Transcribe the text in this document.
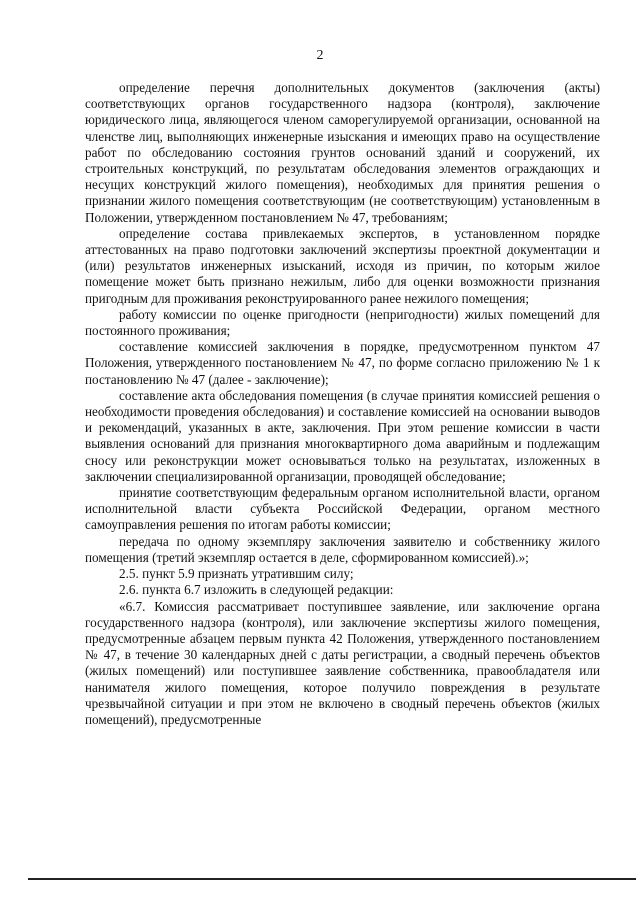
2

определение перечня дополнительных документов (заключения (акты) соответствующих органов государственного надзора (контроля), заключение юридического лица, являющегося членом саморегулируемой организации, основанной на членстве лиц, выполняющих инженерные изыскания и имеющих право на осуществление работ по обследованию состояния грунтов оснований зданий и сооружений, их строительных конструкций, по результатам обследования элементов ограждающих и несущих конструкций жилого помещения), необходимых для принятия решения о признании жилого помещения соответствующим (не соответствующим) установленным в Положении, утвержденном постановлением № 47, требованиям;

определение состава привлекаемых экспертов, в установленном порядке аттестованных на право подготовки заключений экспертизы проектной документации и (или) результатов инженерных изысканий, исходя из причин, по которым жилое помещение может быть признано нежилым, либо для оценки возможности признания пригодным для проживания реконструированного ранее нежилого помещения;

работу комиссии по оценке пригодности (непригодности) жилых помещений для постоянного проживания;

составление комиссией заключения в порядке, предусмотренном пунктом 47 Положения, утвержденного постановлением № 47, по форме согласно приложению № 1 к постановлению № 47 (далее - заключение);

составление акта обследования помещения (в случае принятия комиссией решения о необходимости проведения обследования) и составление комиссией на основании выводов и рекомендаций, указанных в акте, заключения. При этом решение комиссии в части выявления оснований для признания многоквартирного дома аварийным и подлежащим сносу или реконструкции может основываться только на результатах, изложенных в заключении специализированной организации, проводящей обследование;

принятие соответствующим федеральным органом исполнительной власти, органом исполнительной власти субъекта Российской Федерации, органом местного самоуправления решения по итогам работы комиссии;

передача по одному экземпляру заключения заявителю и собственнику жилого помещения (третий экземпляр остается в деле, сформированном комиссией).»;

2.5. пункт 5.9 признать утратившим силу;

2.6. пункта 6.7 изложить в следующей редакции:

«6.7. Комиссия рассматривает поступившее заявление, или заключение органа государственного надзора (контроля), или заключение экспертизы жилого помещения, предусмотренные абзацем первым пункта 42 Положения, утвержденного постановлением № 47, в течение 30 календарных дней с даты регистрации, а сводный перечень объектов (жилых помещений) или поступившее заявление собственника, правообладателя или нанимателя жилого помещения, которое получило повреждения в результате чрезвычайной ситуации и при этом не включено в сводный перечень объектов (жилых помещений), предусмотренные
